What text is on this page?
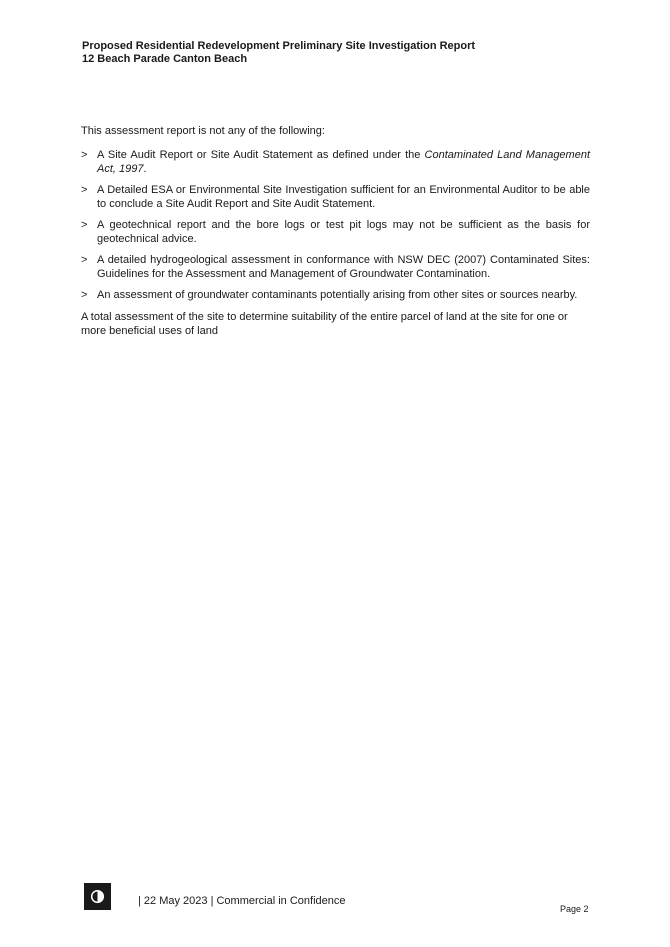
Proposed Residential Redevelopment Preliminary Site Investigation Report
12 Beach Parade Canton Beach
This assessment report is not any of the following:
> A Site Audit Report or Site Audit Statement as defined under the Contaminated Land Management Act, 1997.
> A Detailed ESA or Environmental Site Investigation sufficient for an Environmental Auditor to be able to conclude a Site Audit Report and Site Audit Statement.
> A geotechnical report and the bore logs or test pit logs may not be sufficient as the basis for geotechnical advice.
> A detailed hydrogeological assessment in conformance with NSW DEC (2007) Contaminated Sites: Guidelines for the Assessment and Management of Groundwater Contamination.
> An assessment of groundwater contaminants potentially arising from other sites or sources nearby.
A total assessment of the site to determine suitability of the entire parcel of land at the site for one or more beneficial uses of land
| 22 May 2023 | Commercial in Confidence
Page 2
